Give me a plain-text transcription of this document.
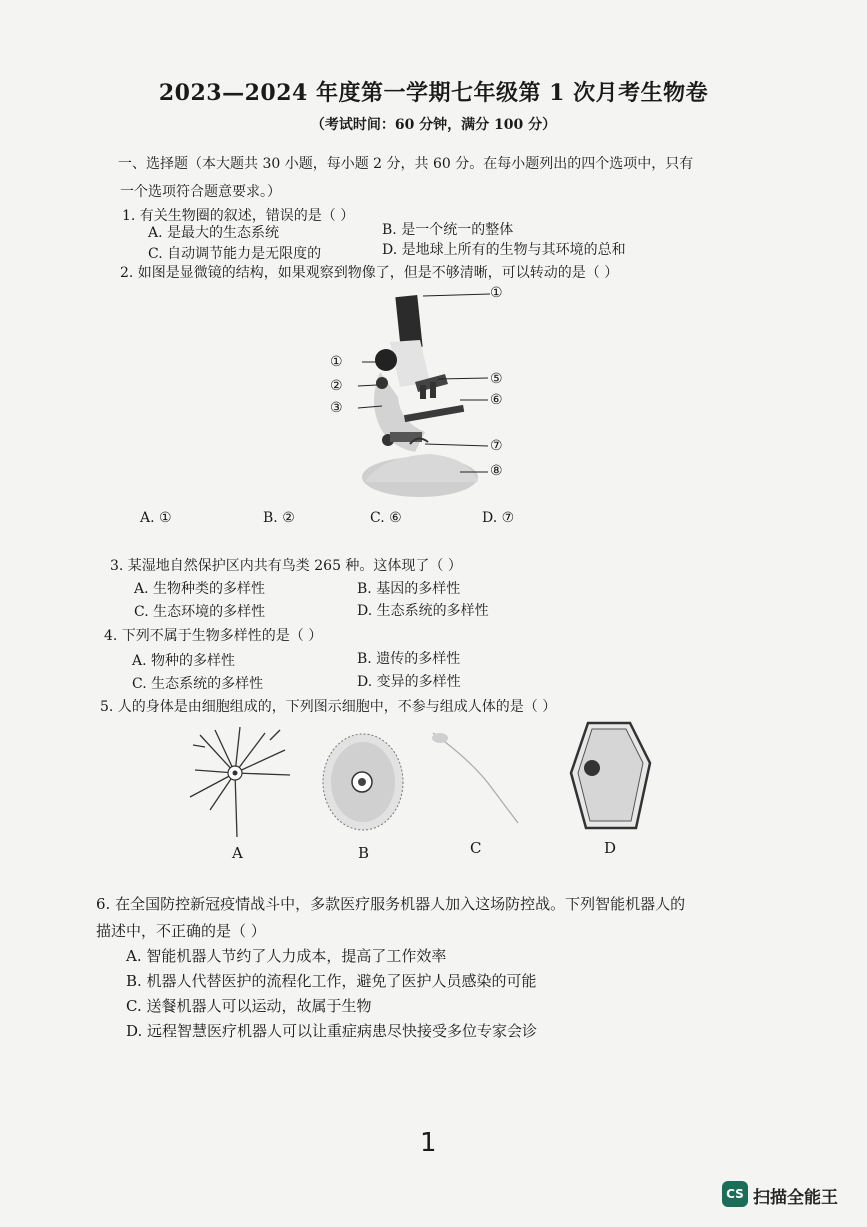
2023—2024 年度第一学期七年级第 1 次月考生物卷
（考试时间：60 分钟，满分 100 分）
一、选择题（本大题共 30 小题，每小题 2 分，共 60 分。在每小题列出的四个选项中，只有
一个选项符合题意要求。）
1. 有关生物圈的叙述，错误的是（ ）
A. 是最大的生态系统	B. 是一个统一的整体
C. 自动调节能力是无限度的	D. 是地球上所有的生物与其环境的总和
2. 如图是显微镜的结构，如果观察到物像了，但是不够清晰，可以转动的是（ ）
①
①
②
③
⑤
⑥
⑦
⑧
A. ①	B. ②	C. ⑥	D. ⑦
3. 某湿地自然保护区内共有鸟类 265 种。这体现了（ ）
A. 生物种类的多样性	B. 基因的多样性
C. 生态环境的多样性	D. 生态系统的多样性
4. 下列不属于生物多样性的是（ ）
A. 物种的多样性	B. 遗传的多样性
C. 生态系统的多样性	D. 变异的多样性
5. 人的身体是由细胞组成的，下列图示细胞中，不参与组成人体的是（ ）
A	B	C	D
6. 在全国防控新冠疫情战斗中，多款医疗服务机器人加入这场防控战。下列智能机器人的
描述中，不正确的是（ ）
A. 智能机器人节约了人力成本，提高了工作效率
B. 机器人代替医护的流程化工作，避免了医护人员感染的可能
C. 送餐机器人可以运动，故属于生物
D. 远程智慧医疗机器人可以让重症病患尽快接受多位专家会诊
1
CS 扫描全能王
